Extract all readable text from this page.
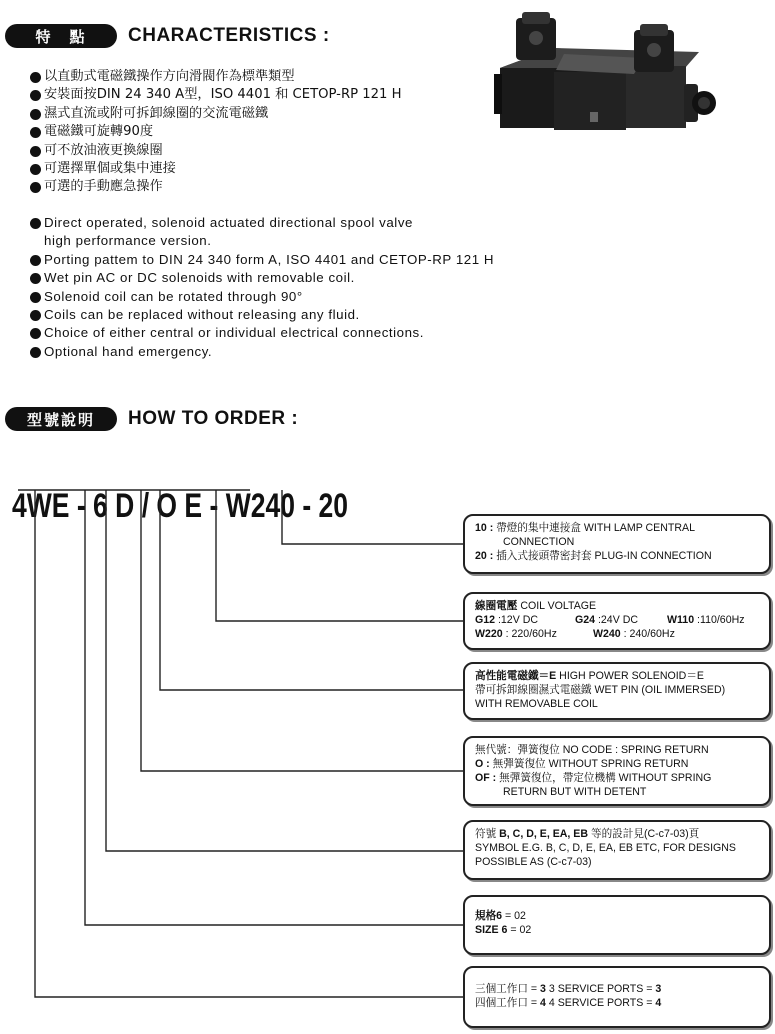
特　點	CHARACTERISTICS :
以直動式電磁鐵操作方向滑閥作為標準類型
安裝面按DIN 24 340 A型，ISO 4401 和 CETOP-RP 121 H
濕式直流或附可拆卸線圈的交流電磁鐵
電磁鐵可旋轉90度
可不放油液更換線圈
可選擇單個或集中連接
可選的手動應急操作
Direct operated, solenoid actuated directional spool valve
high performance version.
Porting pattem to DIN 24 340 form A, ISO 4401 and CETOP-RP 121 H
Wet pin AC or DC solenoids with removable coil.
Solenoid coil can be rotated through 90°
Coils can be replaced without releasing any fluid.
Choice of either central or individual electrical connections.
Optional hand emergency.
型號說明	HOW TO ORDER :

4WE - 6 D / O E - W240 - 20

10 : 帶燈的集中連接盒 WITH LAMP CENTRAL
CONNECTION
20 : 插入式接頭帶密封套 PLUG-IN CONNECTION
線圈電壓 COIL VOLTAGE
G12 :12V DC	G24 :24V DC	W110 :110/60Hz
W220 : 220/60Hz	W240 : 240/60Hz
高性能電磁鐵＝E HIGH POWER SOLENOID＝E
帶可拆卸線圈濕式電磁鐵 WET PIN (OIL IMMERSED)
WITH REMOVABLE COIL
無代號：彈簧復位 NO CODE : SPRING RETURN
O : 無彈簧復位 WITHOUT SPRING RETURN
OF : 無彈簧復位，帶定位機構 WITHOUT SPRING
RETURN BUT WITH DETENT
符號 B, C, D, E, EA, EB 等的設計見(C-c7-03)頁
SYMBOL E.G. B, C, D, E, EA, EB ETC, FOR DESIGNS
POSSIBLE AS (C-c7-03)
規格6 = 02
SIZE 6 = 02
三個工作口 = 3 3 SERVICE PORTS = 3
四個工作口 = 4 4 SERVICE PORTS = 4
